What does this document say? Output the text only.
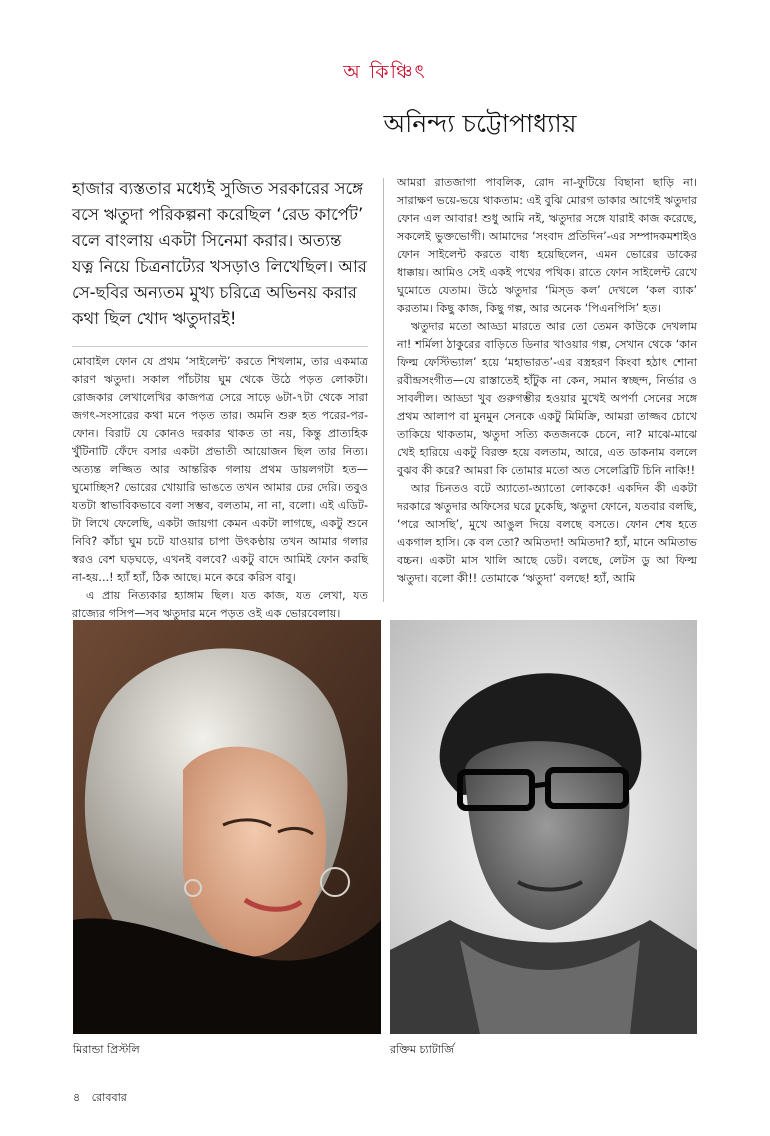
অ কিঞ্চিৎ
অনিন্দ্য চট্টোপাধ্যায়

হাজার ব্যস্ততার মধ্যেই সুজিত সরকারের সঙ্গে বসে ঋতুদা পরিকল্পনা করেছিল ‘রেড কার্পেট’ বলে বাংলায় একটা সিনেমা করার। অত্যন্ত যত্ন নিয়ে চিত্রনাট্যের খসড়াও লিখেছিল। আর সে-ছবির অন্যতম মুখ্য চরিত্রে অভিনয় করার কথা ছিল খোদ ঋতুদারই!

মোবাইল ফোন যে প্রথম ‘সাইলেন্ট’ করতে শিখলাম, তার একমাত্র কারণ ঋতুদা। সকাল পাঁচটায় ঘুম থেকে উঠে পড়ত লোকটা। রোজকার লেখালেখির কাজপত্র সেরে সাড়ে ৬টা-৭টা থেকে সারা জগৎ-সংসারের কথা মনে পড়ত তার। অমনি শুরু হত পরের-পর-ফোন। বিরাট যে কোনও দরকার থাকত তা নয়, কিন্তু প্রাত্যহিক খুঁটিনাটি ফেঁদে বসার একটা প্রভাতী আয়োজন ছিল তার নিত্য। অত্যন্ত লজ্জিত আর আন্তরিক গলায় প্রথম ডায়লগটা হত—ঘুমোচ্ছিস? ভোরের খোয়ারি ভাঙতে তখন আমার ঢের দেরি। তবুও যতটা স্বাভাবিকভাবে বলা সম্ভব, বলতাম, না না, বলো। এই এডিট-টা লিখে ফেলেছি, একটা জায়গা কেমন একটা লাগছে, একটু শুনে নিবি? কাঁচা ঘুম চটে যাওয়ার চাপা উৎকণ্ঠায় তখন আমার গলার স্বরও বেশ ঘড়ঘড়ে, এখনই বলবে? একটু বাদে আমিই ফোন করছি না-হয়...! হ্যাঁ হ্যাঁ, ঠিক আছে। মনে করে করিস বাবু।

এ প্রায় নিত্যকার হ্যাঙ্গাম ছিল। যত কাজ, যত লেখা, যত রাজ্যের গসিপ—সব ঋতুদার মনে পড়ত ওই এক ভোরবেলায়।

আমরা রাতজাগা পাবলিক, রোদ না-ফুটিয়ে বিছানা ছাড়ি না। সারাক্ষণ ভয়ে-ভয়ে থাকতাম: এই বুঝি মোরগ ডাকার আগেই ঋতুদার ফোন এল আবার! শুধু আমি নই, ঋতুদার সঙ্গে যারাই কাজ করেছে, সকলেই ভুক্তভোগী। আমাদের ‘সংবাদ প্রতিদিন’-এর সম্পাদকমশাইও ফোন সাইলেন্ট করতে বাধ্য হয়েছিলেন, এমন ভোরের ডাকের ধাক্কায়। আমিও সেই একই পথের পথিক। রাতে ফোন সাইলেন্ট রেখে ঘুমোতে যেতাম। উঠে ঋতুদার ‘মিস্‌ড কল’ দেখলে ‘কল ব্যাক’ করতাম। কিছু কাজ, কিছু গল্প, আর অনেক ‘পিএনপিসি’ হত।

ঋতুদার মতো আড্ডা মারতে আর তো তেমন কাউকে দেখলাম না! শর্মিলা ঠাকুরের বাড়িতে ডিনার খাওয়ার গল্প, সেখান থেকে ‘কান ফিল্ম ফেস্টিভ্যাল’ হয়ে ‘মহাভারত’-এর বস্ত্রহরণ কিংবা হঠাৎ শোনা রবীন্দ্রসংগীত—যে রাস্তাতেই হাঁটুক না কেন, সমান স্বচ্ছন্দ, নির্ভার ও সাবলীল। আড্ডা খুব গুরুগম্ভীর হওয়ার মুখেই অপর্ণা সেনের সঙ্গে প্রথম আলাপ বা মুনমুন সেনকে একটু মিমিক্রি, আমরা তাজ্জব চোখে তাকিয়ে থাকতাম, ঋতুদা সত্যি কতজনকে চেনে, না? মাঝে-মাঝে খেই হারিয়ে একটু বিরক্ত হয়ে বলতাম, আরে, এত ডাকনাম বললে বুঝব কী করে? আমরা কি তোমার মতো অত সেলেব্রিটি চিনি নাকি!!

আর চিনতও বটে অ্যাতো-অ্যাতো লোককে! একদিন কী একটা দরকারে ঋতুদার অফিসের ঘরে ঢুকেছি, ঋতুদা ফোনে, যতবার বলছি, ‘পরে আসছি’, মুখে আঙুল দিয়ে বলছে বসতে। ফোন শেষ হতে একগাল হাসি। কে বল তো? অমিতদা! অমিতদা? হ্যাঁ, মানে অমিতাভ বচ্চন। একটা মাস খালি আছে ডেট। বলছে, লেটস ডু আ ফিল্ম ঋতুদা। বলো কী!! তোমাকে ‘ঋতুদা’ বলছে! হ্যাঁ, আমি

মিরান্ডা প্রিস্টলি	রক্তিম চ্যাটার্জি
৪ রোববার
